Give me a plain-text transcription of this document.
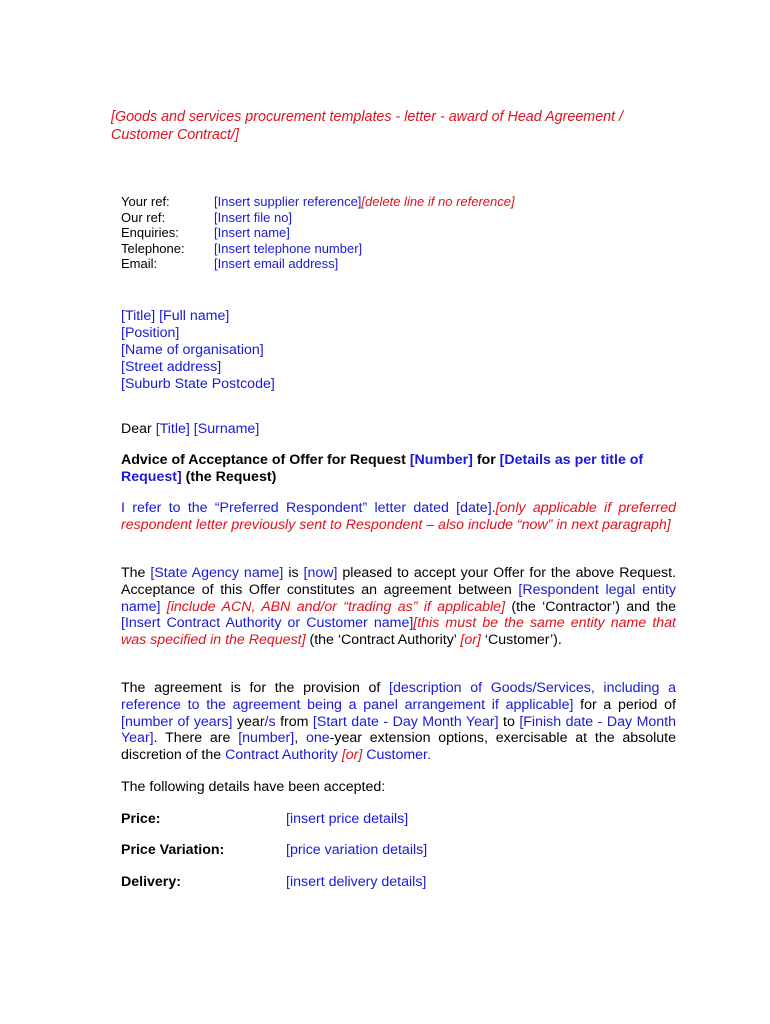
[Goods and services procurement templates - letter - award of Head Agreement /
Customer Contract/]
Your ref:	[Insert supplier reference] [delete line if no reference]
Our ref:	[Insert file no]
Enquiries:	[Insert name]
Telephone:	[Insert telephone number]
Email:	[Insert email address]
[Title] [Full name]
[Position]
[Name of organisation]
[Street address]
[Suburb State Postcode]
Dear [Title] [Surname]
Advice of Acceptance of Offer for Request [Number] for [Details as per title of Request] (the Request)
I refer to the “Preferred Respondent” letter dated [date].[only applicable if preferred respondent letter previously sent to Respondent – also include “now” in next paragraph]
The [State Agency name] is [now] pleased to accept your Offer for the above Request. Acceptance of this Offer constitutes an agreement between [Respondent legal entity name] [include ACN, ABN and/or “trading as” if applicable] (the ‘Contractor’) and the [Insert Contract Authority or Customer name][this must be the same entity name that was specified in the Request] (the ‘Contract Authority’ [or] ‘Customer’).
The agreement is for the provision of [description of Goods/Services, including a reference to the agreement being a panel arrangement if applicable] for a period of [number of years] year/s from [Start date - Day Month Year] to [Finish date - Day Month Year]. There are [number], one-year extension options, exercisable at the absolute discretion of the Contract Authority [or] Customer.
The following details have been accepted:
Price:	[insert price details]
Price Variation:	[price variation details]
Delivery:	[insert delivery details]
